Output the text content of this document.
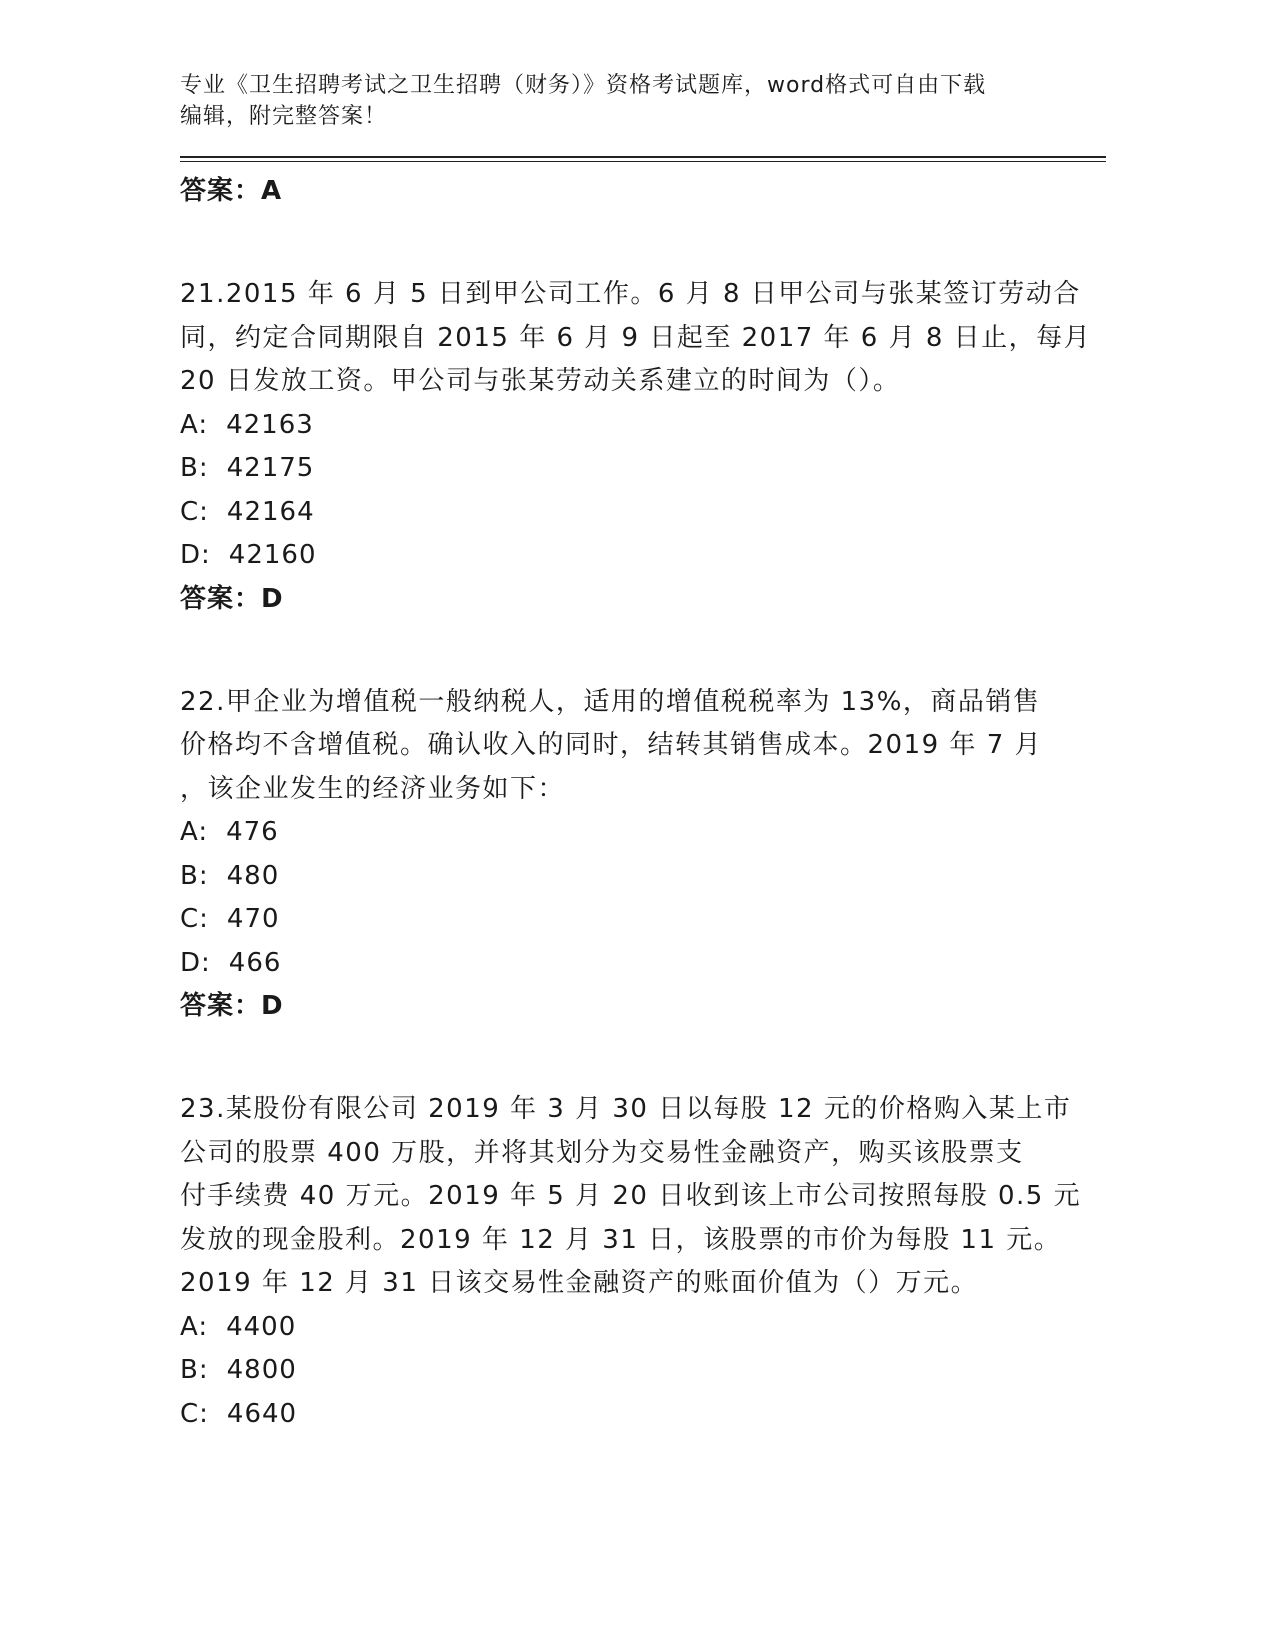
专业《卫生招聘考试之卫生招聘（财务）》资格考试题库，word格式可自由下载

编辑，附完整答案！

答案：A

21.2015 年 6 月 5 日到甲公司工作。6 月 8 日甲公司与张某签订劳动合

同，约定合同期限自 2015 年 6 月 9 日起至 2017 年 6 月 8 日止，每月

20 日发放工资。甲公司与张某劳动关系建立的时间为（）。

A: 42163

B: 42175

C: 42164

D: 42160

答案：D

22.甲企业为增值税一般纳税人，适用的增值税税率为 13%，商品销售

价格均不含增值税。确认收入的同时，结转其销售成本。2019 年 7 月

，该企业发生的经济业务如下：

A: 476

B: 480

C: 470

D: 466

答案：D

23.某股份有限公司 2019 年 3 月 30 日以每股 12 元的价格购入某上市

公司的股票 400 万股，并将其划分为交易性金融资产，购买该股票支

付手续费 40 万元。2019 年 5 月 20 日收到该上市公司按照每股 0.5 元

发放的现金股利。2019 年 12 月 31 日，该股票的市价为每股 11 元。

2019 年 12 月 31 日该交易性金融资产的账面价值为（）万元。

A: 4400

B: 4800

C: 4640
